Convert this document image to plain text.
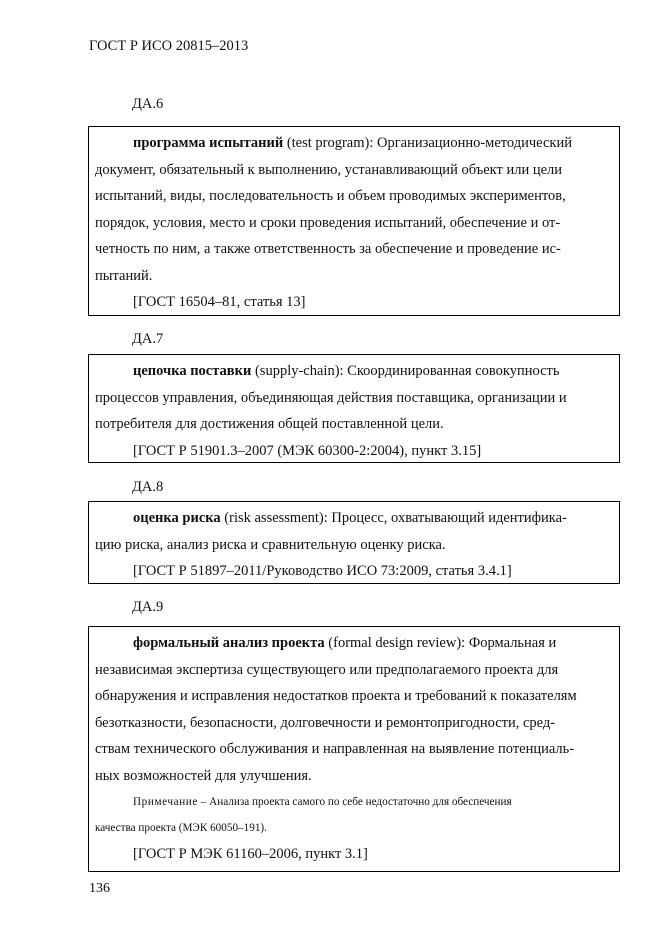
ГОСТ Р ИСО 20815–2013
ДА.6
программа испытаний (test program): Организационно-методический
документ, обязательный к выполнению, устанавливающий объект или цели
испытаний, виды, последовательность и объем проводимых экспериментов,
порядок, условия, место и сроки проведения испытаний, обеспечение и от-
четность по ним, а также ответственность за обеспечение и проведение ис-
пытаний.
[ГОСТ 16504–81, статья 13]
ДА.7
цепочка поставки (supply-chain): Скоординированная совокупность
процессов управления, объединяющая действия поставщика, организации и
потребителя для достижения общей поставленной цели.
[ГОСТ Р 51901.3–2007 (МЭК 60300-2:2004), пункт 3.15]
ДА.8
оценка риска (risk assessment): Процесс, охватывающий идентифика-
цию риска, анализ риска и сравнительную оценку риска.
[ГОСТ Р 51897–2011/Руководство ИСО 73:2009, статья 3.4.1]
ДА.9
формальный анализ проекта (formal design review): Формальная и
независимая экспертиза существующего или предполагаемого проекта для
обнаружения и исправления недостатков проекта и требований к показателям
безотказности, безопасности, долговечности и ремонтопригодности, сред-
ствам технического обслуживания и направленная на выявление потенциаль-
ных возможностей для улучшения.
Примечание – Анализа проекта самого по себе недостаточно для обеспечения
качества проекта (МЭК 60050–191).
[ГОСТ Р МЭК 61160–2006, пункт 3.1]
136
